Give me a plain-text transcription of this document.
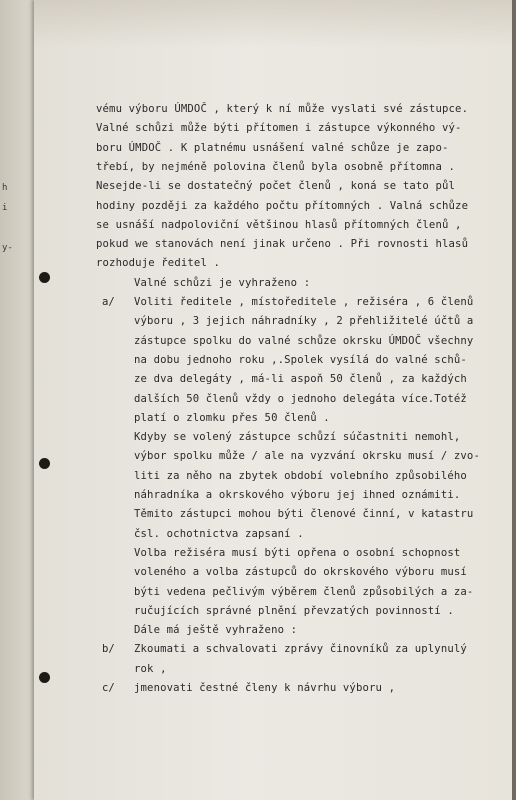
h
i
y-
vému výboru ÚMDOČ , který k ní může vyslati své zástupce.
Valné schůzi může býti přítomen i zástupce výkonného vý-
boru ÚMDOČ . K platnému usnášení valné schůze je zapo-
třebí, by nejméně polovina členů byla osobně přítomna .
Nesejde-li se dostatečný počet členů , koná se tato půl
hodiny později za každého počtu přítomných . Valná schůze
se usnáší nadpoloviční většinou hlasů přítomných členů ,
pokud we stanovách není jinak určeno . Při rovnosti hlasů
rozhoduje ředitel .
Valné schůzi je vyhraženo :
Voliti ředitele , místoředitele , režiséra , 6 členů
a/
výboru , 3 jejich náhradníky , 2 přehližitelé účtů a
zástupce spolku do valné schůze okrsku ÚMDOČ všechny
na dobu jednoho roku ,.Spolek vysílá do valné schů-
ze dva delegáty , má-li aspoň 50 členů , za každých
dalších 50 členů vždy o jednoho delegáta více.Totéž
platí o zlomku přes 50 členů .
Kdyby se volený zástupce schůzí súčastniti nemohl,
výbor spolku může / ale na vyzvání okrsku musí / zvo-
liti za něho na zbytek období volebního způsobilého
náhradníka a okrskového výboru jej ihned oznámiti.
Těmito zástupci mohou býti členové činní, v katastru
čsl. ochotnictva zapsaní .
Volba režiséra musí býti opřena o osobní schopnost
voleného a volba zástupců do okrskového výboru musí
býti vedena pečlivým výběrem členů způsobilých a za-
ručujících správné plnění převzatých povinností .
Dále má ještě vyhraženo :
Zkoumati a schvalovati zprávy činovníků za uplynulý
b/
rok ,
jmenovati čestné členy k návrhu výboru ,
c/
